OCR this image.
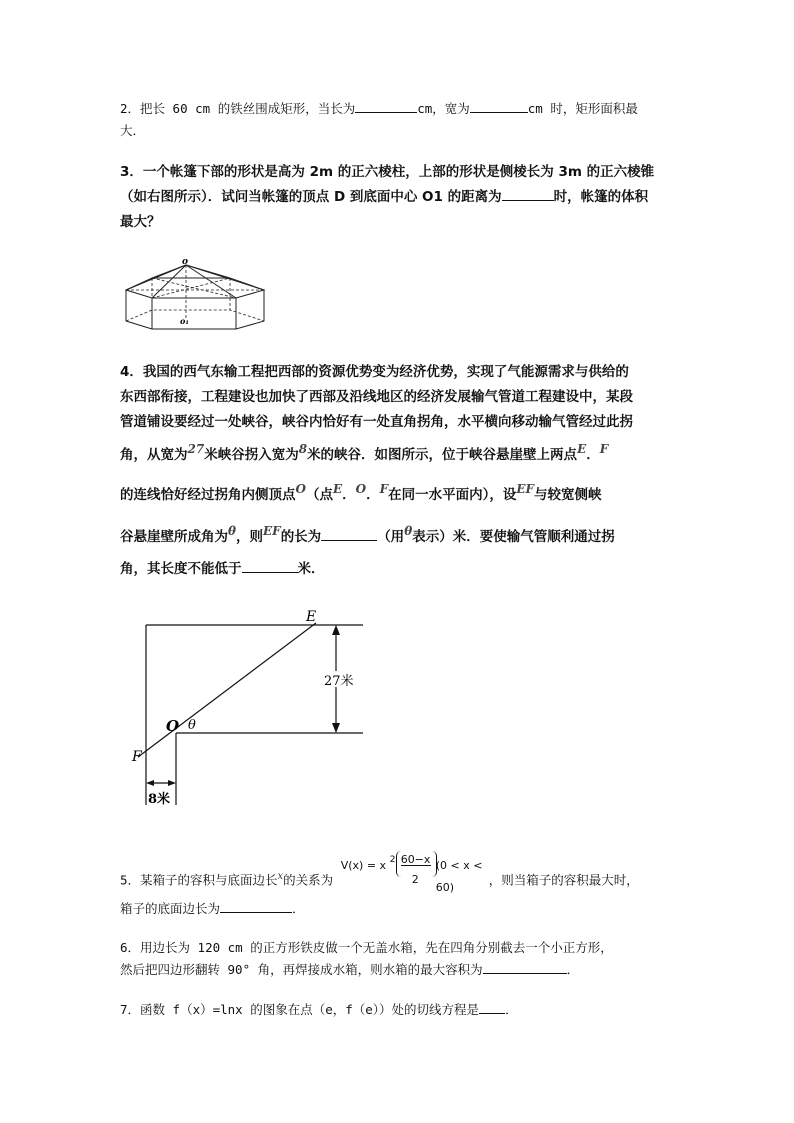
2．把长 60 cm 的铁丝围成矩形，当长为	cm，宽为	cm 时，矩形面积最
大．
3．一个帐篷下部的形状是高为 2m 的正六棱柱，上部的形状是侧棱长为 3m 的正六棱锥
（如右图所示）．试问当帐篷的顶点 D 到底面中心 O1 的距离为	时，帐篷的体积
最大？
o
o₁
4．我国的西气东输工程把西部的资源优势变为经济优势，实现了气能源需求与供给的
东西部衔接，工程建设也加快了西部及沿线地区的经济发展输气管道工程建设中，某段
管道铺设要经过一处峡谷，峡谷内恰好有一处直角拐角，水平横向移动输气管经过此拐
角，从宽为27米峡谷拐入宽为8米的峡谷．如图所示，位于峡谷悬崖壁上两点E．F
的连线恰好经过拐角内侧顶点O（点E．O．F在同一水平面内），设EF与较宽侧峡
谷悬崖壁所成角为θ，则EF的长为	（用θ表示）米．要使输气管顺利通过拐
角，其长度不能低于	米．
E
F
O θ
27米
8米
5．某箱子的容积与底面边长$^x$的关系为
V(x) = x 2 60−x
2
(0 < x < 60)	，则当箱子的容积最大时，
箱子的底面边长为	．
6．用边长为 120 cm 的正方形铁皮做一个无盖水箱，先在四角分别截去一个小正方形，
然后把四边形翻转 90° 角，再焊接成水箱，则水箱的最大容积为	．
7．函数 f（x）=lnx 的图象在点（e，f（e））处的切线方程是 ．
